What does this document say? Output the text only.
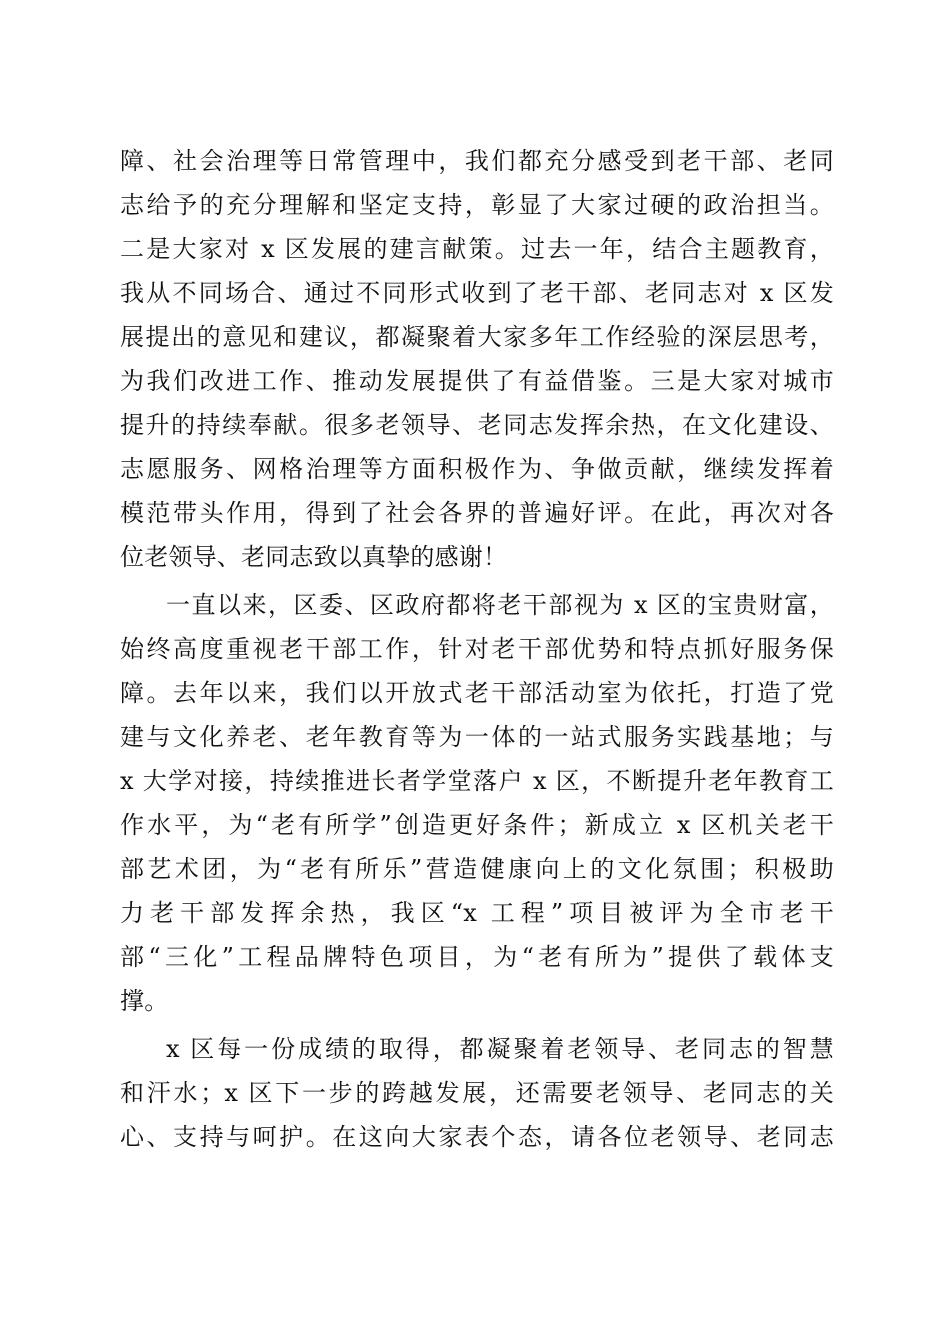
障、社会治理等日常管理中，我们都充分感受到老干部、老同
志给予的充分理解和坚定支持，彰显了大家过硬的政治担当。
二是大家对 x 区发展的建言献策。过去一年，结合主题教育，
我从不同场合、通过不同形式收到了老干部、老同志对 x 区发
展提出的意见和建议，都凝聚着大家多年工作经验的深层思考，
为我们改进工作、推动发展提供了有益借鉴。三是大家对城市
提升的持续奉献。很多老领导、老同志发挥余热，在文化建设、
志愿服务、网格治理等方面积极作为、争做贡献，继续发挥着
模范带头作用，得到了社会各界的普遍好评。在此，再次对各
位老领导、老同志致以真挚的感谢！
一直以来，区委、区政府都将老干部视为 x 区的宝贵财富，
始终高度重视老干部工作，针对老干部优势和特点抓好服务保
障。去年以来，我们以开放式老干部活动室为依托，打造了党
建与文化养老、老年教育等为一体的一站式服务实践基地；与
x 大学对接，持续推进长者学堂落户 x 区，不断提升老年教育工
作水平，为“老有所学”创造更好条件；新成立 x 区机关老干
部艺术团，为“老有所乐”营造健康向上的文化氛围；积极助
力老干部发挥余热，我区“x 工程”项目被评为全市老干
部“三化”工程品牌特色项目，为“老有所为”提供了载体支
撑。
x 区每一份成绩的取得，都凝聚着老领导、老同志的智慧
和汗水；x 区下一步的跨越发展，还需要老领导、老同志的关
心、支持与呵护。在这向大家表个态，请各位老领导、老同志
